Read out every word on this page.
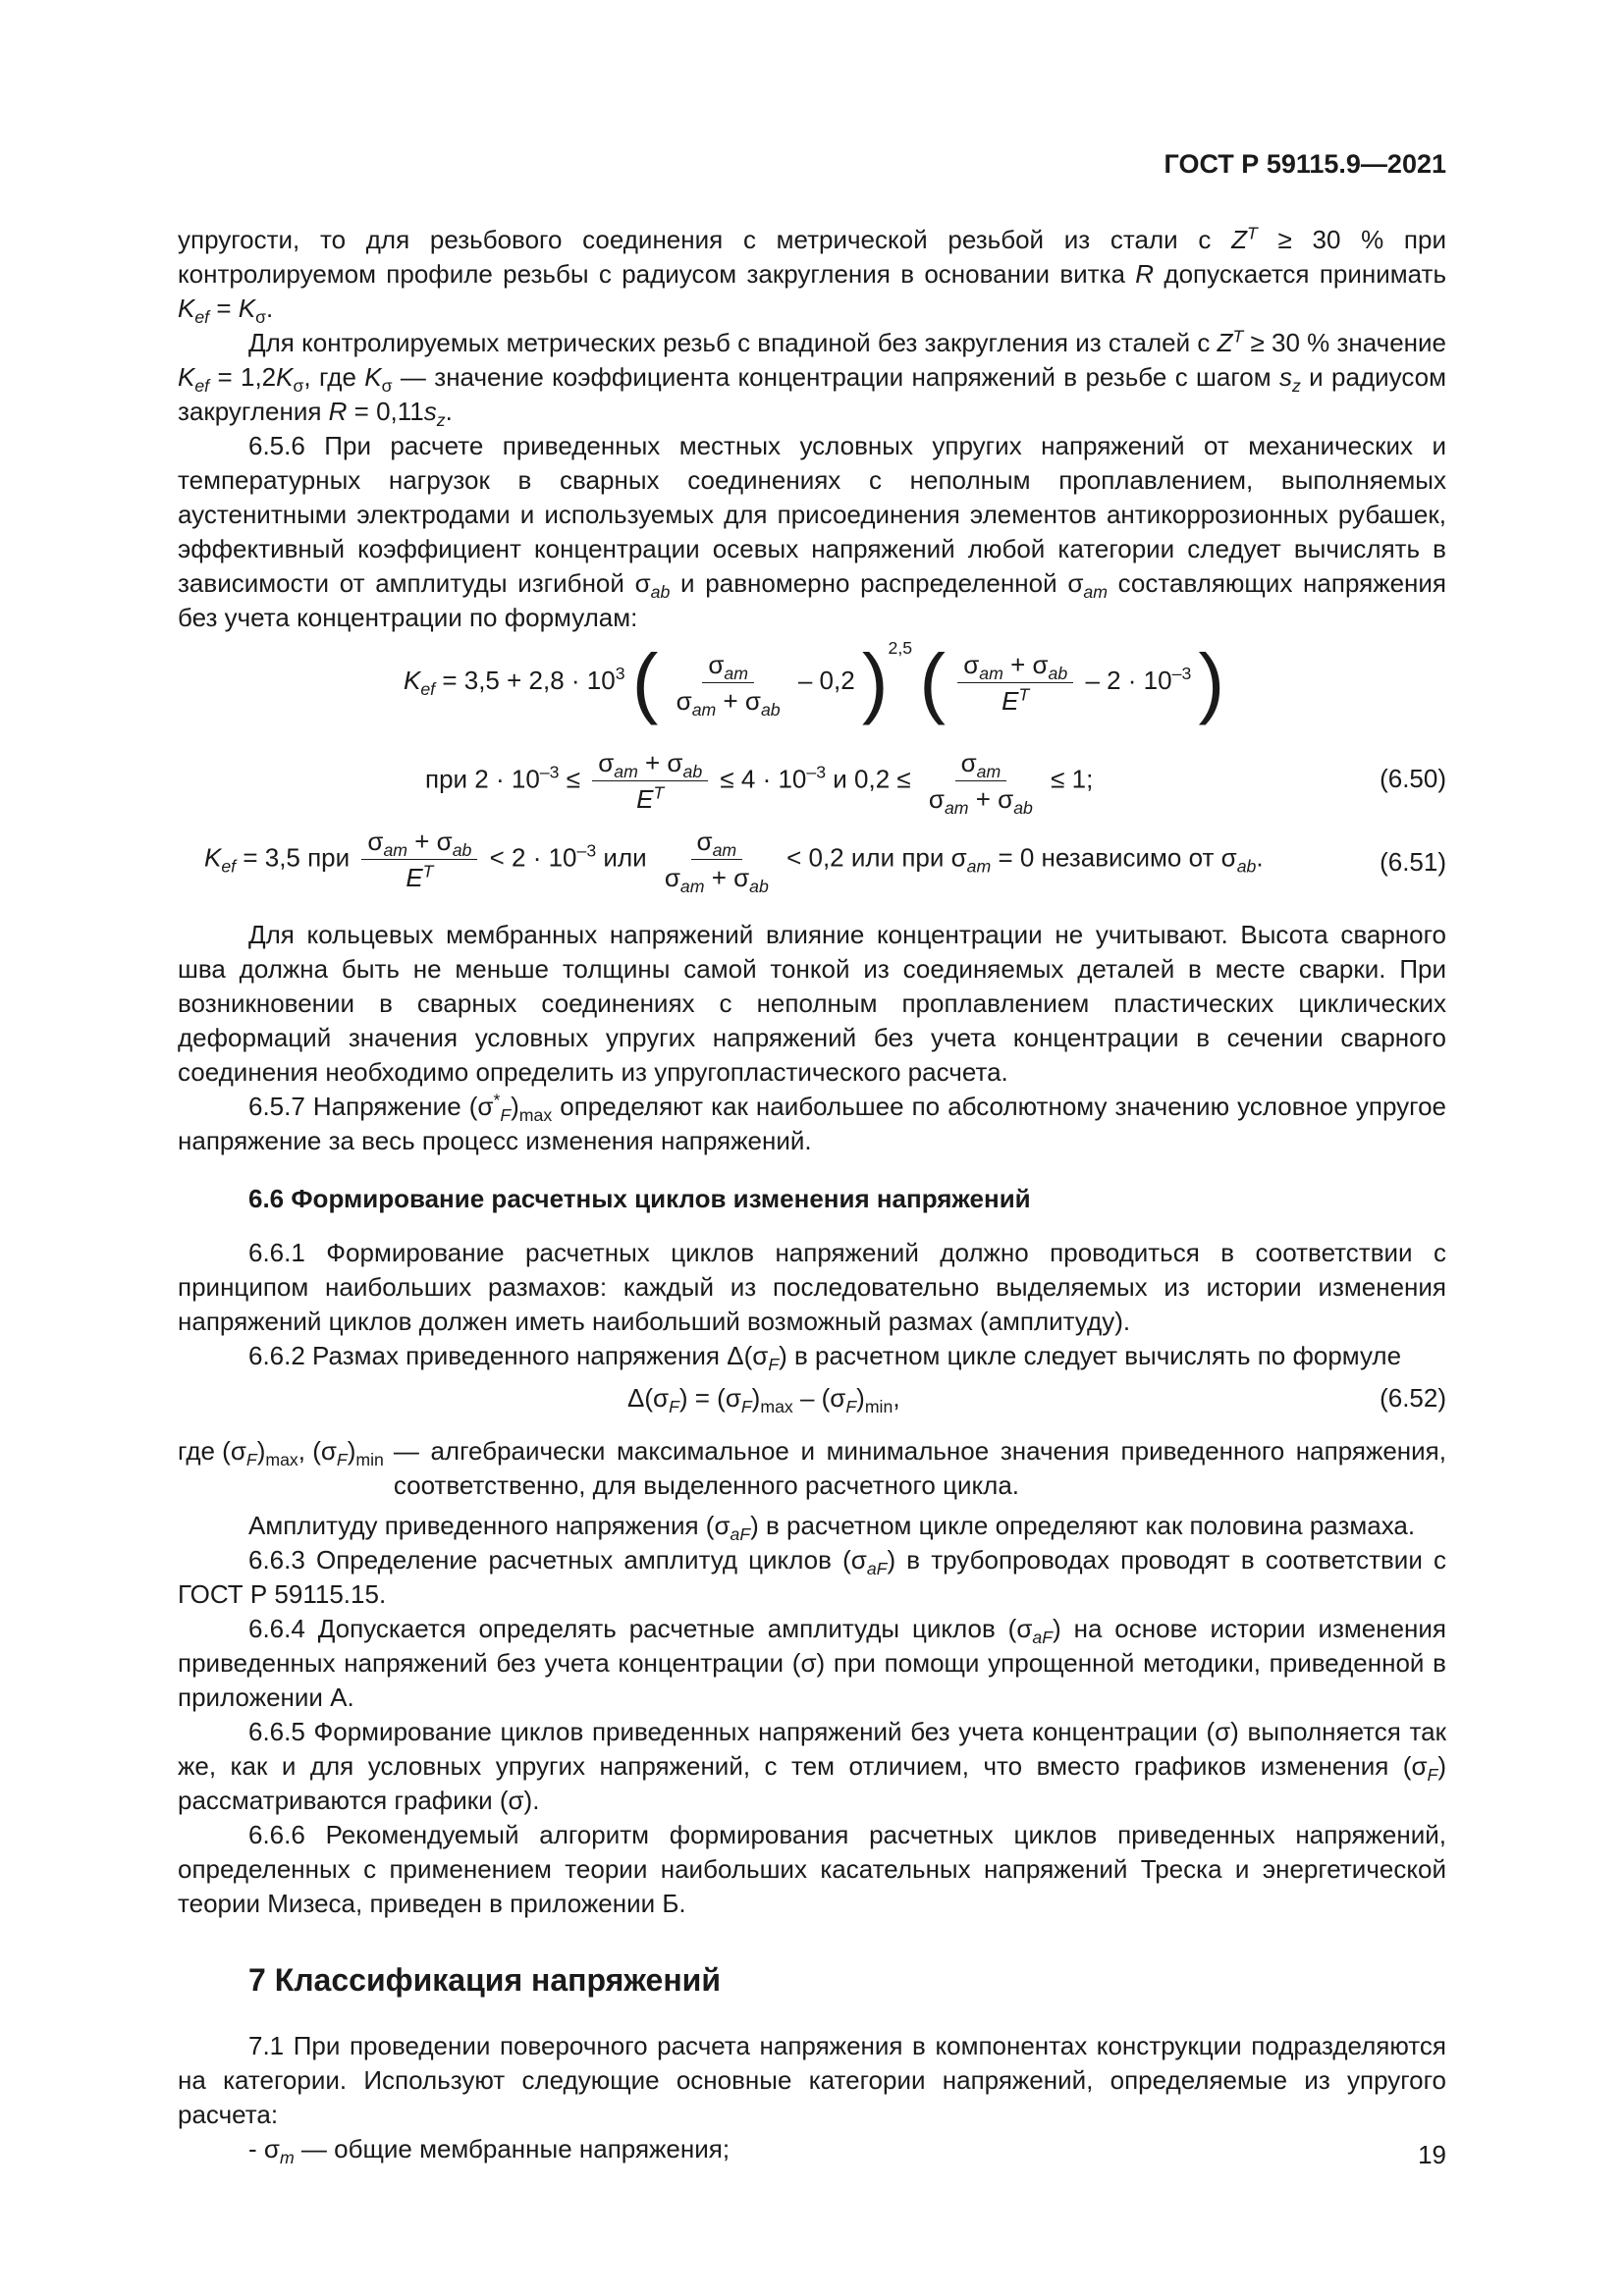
ГОСТ Р 59115.9—2021

упругости, то для резьбового соединения с метрической резьбой из стали с $Z^T \ge 30$ % при контролируемом профиле резьбы с радиусом закругления в основании витка R допускается принимать $K_{ef} = K_\sigma$.

Для контролируемых метрических резьб с впадиной без закругления из сталей с $Z^T \ge 30$ % значение $K_{ef} = 1,2K_\sigma$, где $K_\sigma$ — значение коэффициента концентрации напряжений в резьбе с шагом $s_z$ и радиусом закругления $R = 0,11s_z$.

6.5.6 При расчете приведенных местных условных упругих напряжений от механических и температурных нагрузок в сварных соединениях с неполным проплавлением, выполняемых аустенитными электродами и используемых для присоединения элементов антикоррозионных рубашек, эффективный коэффициент концентрации осевых напряжений любой категории следует вычислять в зависимости от амплитуды изгибной $\sigma_{ab}$ и равномерно распределенной $\sigma_{am}$ составляющих напряжения без учета концентрации по формулам:

$K_{ef} = 3,5 + 2,8 \cdot 10^3$ ( $\frac{\sigma_{am}}{\sigma_{am} + \sigma_{ab}} - 0,2$ )$^{2,5}$ ( $\frac{\sigma_{am} + \sigma_{ab}}{E^T} - 2 \cdot 10^{-3}$ )
при $2 \cdot 10^{-3} \le \frac{\sigma_{am} + \sigma_{ab}}{E^T} \le 4 \cdot 10^{-3}$ и $0,2 \le \frac{\sigma_{am}}{\sigma_{am} + \sigma_{ab}} \le 1$;	(6.50)
$K_{ef} = 3,5$ при $\frac{\sigma_{am} + \sigma_{ab}}{E^T} < 2 \cdot 10^{-3}$ или $\frac{\sigma_{am}}{\sigma_{am} + \sigma_{ab}} < 0,2$ или при $\sigma_{am} = 0$ независимо от $\sigma_{ab}$.	(6.51)

Для кольцевых мембранных напряжений влияние концентрации не учитывают. Высота сварного шва должна быть не меньше толщины самой тонкой из соединяемых деталей в месте сварки. При возникновении в сварных соединениях с неполным проплавлением пластических циклических деформаций значения условных упругих напряжений без учета концентрации в сечении сварного соединения необходимо определить из упругопластического расчета.

6.5.7 Напряжение $(\sigma^*_F)_{max}$ определяют как наибольшее по абсолютному значению условное упругое напряжение за весь процесс изменения напряжений.

6.6 Формирование расчетных циклов изменения напряжений

6.6.1 Формирование расчетных циклов напряжений должно проводиться в соответствии с принципом наибольших размахов: каждый из последовательно выделяемых из истории изменения напряжений циклов должен иметь наибольший возможный размах (амплитуду).

6.6.2 Размах приведенного напряжения $\Delta(\sigma_F)$ в расчетном цикле следует вычислять по формуле

$\Delta(\sigma_F) = (\sigma_F)_{max} - (\sigma_F)_{min}$,	(6.52)
где $(\sigma_F)_{max}$, $(\sigma_F)_{min}$ — алгебраически максимальное и минимальное значения приведенного напряжения, соответственно, для выделенного расчетного цикла.

Амплитуду приведенного напряжения $(\sigma_{aF})$ в расчетном цикле определяют как половина размаха.

6.6.3 Определение расчетных амплитуд циклов $(\sigma_{aF})$ в трубопроводах проводят в соответствии с ГОСТ Р 59115.15.

6.6.4 Допускается определять расчетные амплитуды циклов $(\sigma_{aF})$ на основе истории изменения приведенных напряжений без учета концентрации (σ) при помощи упрощенной методики, приведенной в приложении А.

6.6.5 Формирование циклов приведенных напряжений без учета концентрации (σ) выполняется так же, как и для условных упругих напряжений, с тем отличием, что вместо графиков изменения $(\sigma_F)$ рассматриваются графики (σ).

6.6.6 Рекомендуемый алгоритм формирования расчетных циклов приведенных напряжений, определенных с применением теории наибольших касательных напряжений Треска и энергетической теории Мизеса, приведен в приложении Б.

7 Классификация напряжений

7.1 При проведении поверочного расчета напряжения в компонентах конструкции подразделяются на категории. Используют следующие основные категории напряжений, определяемые из упругого расчета:

- $\sigma_m$ — общие мембранные напряжения;	19
